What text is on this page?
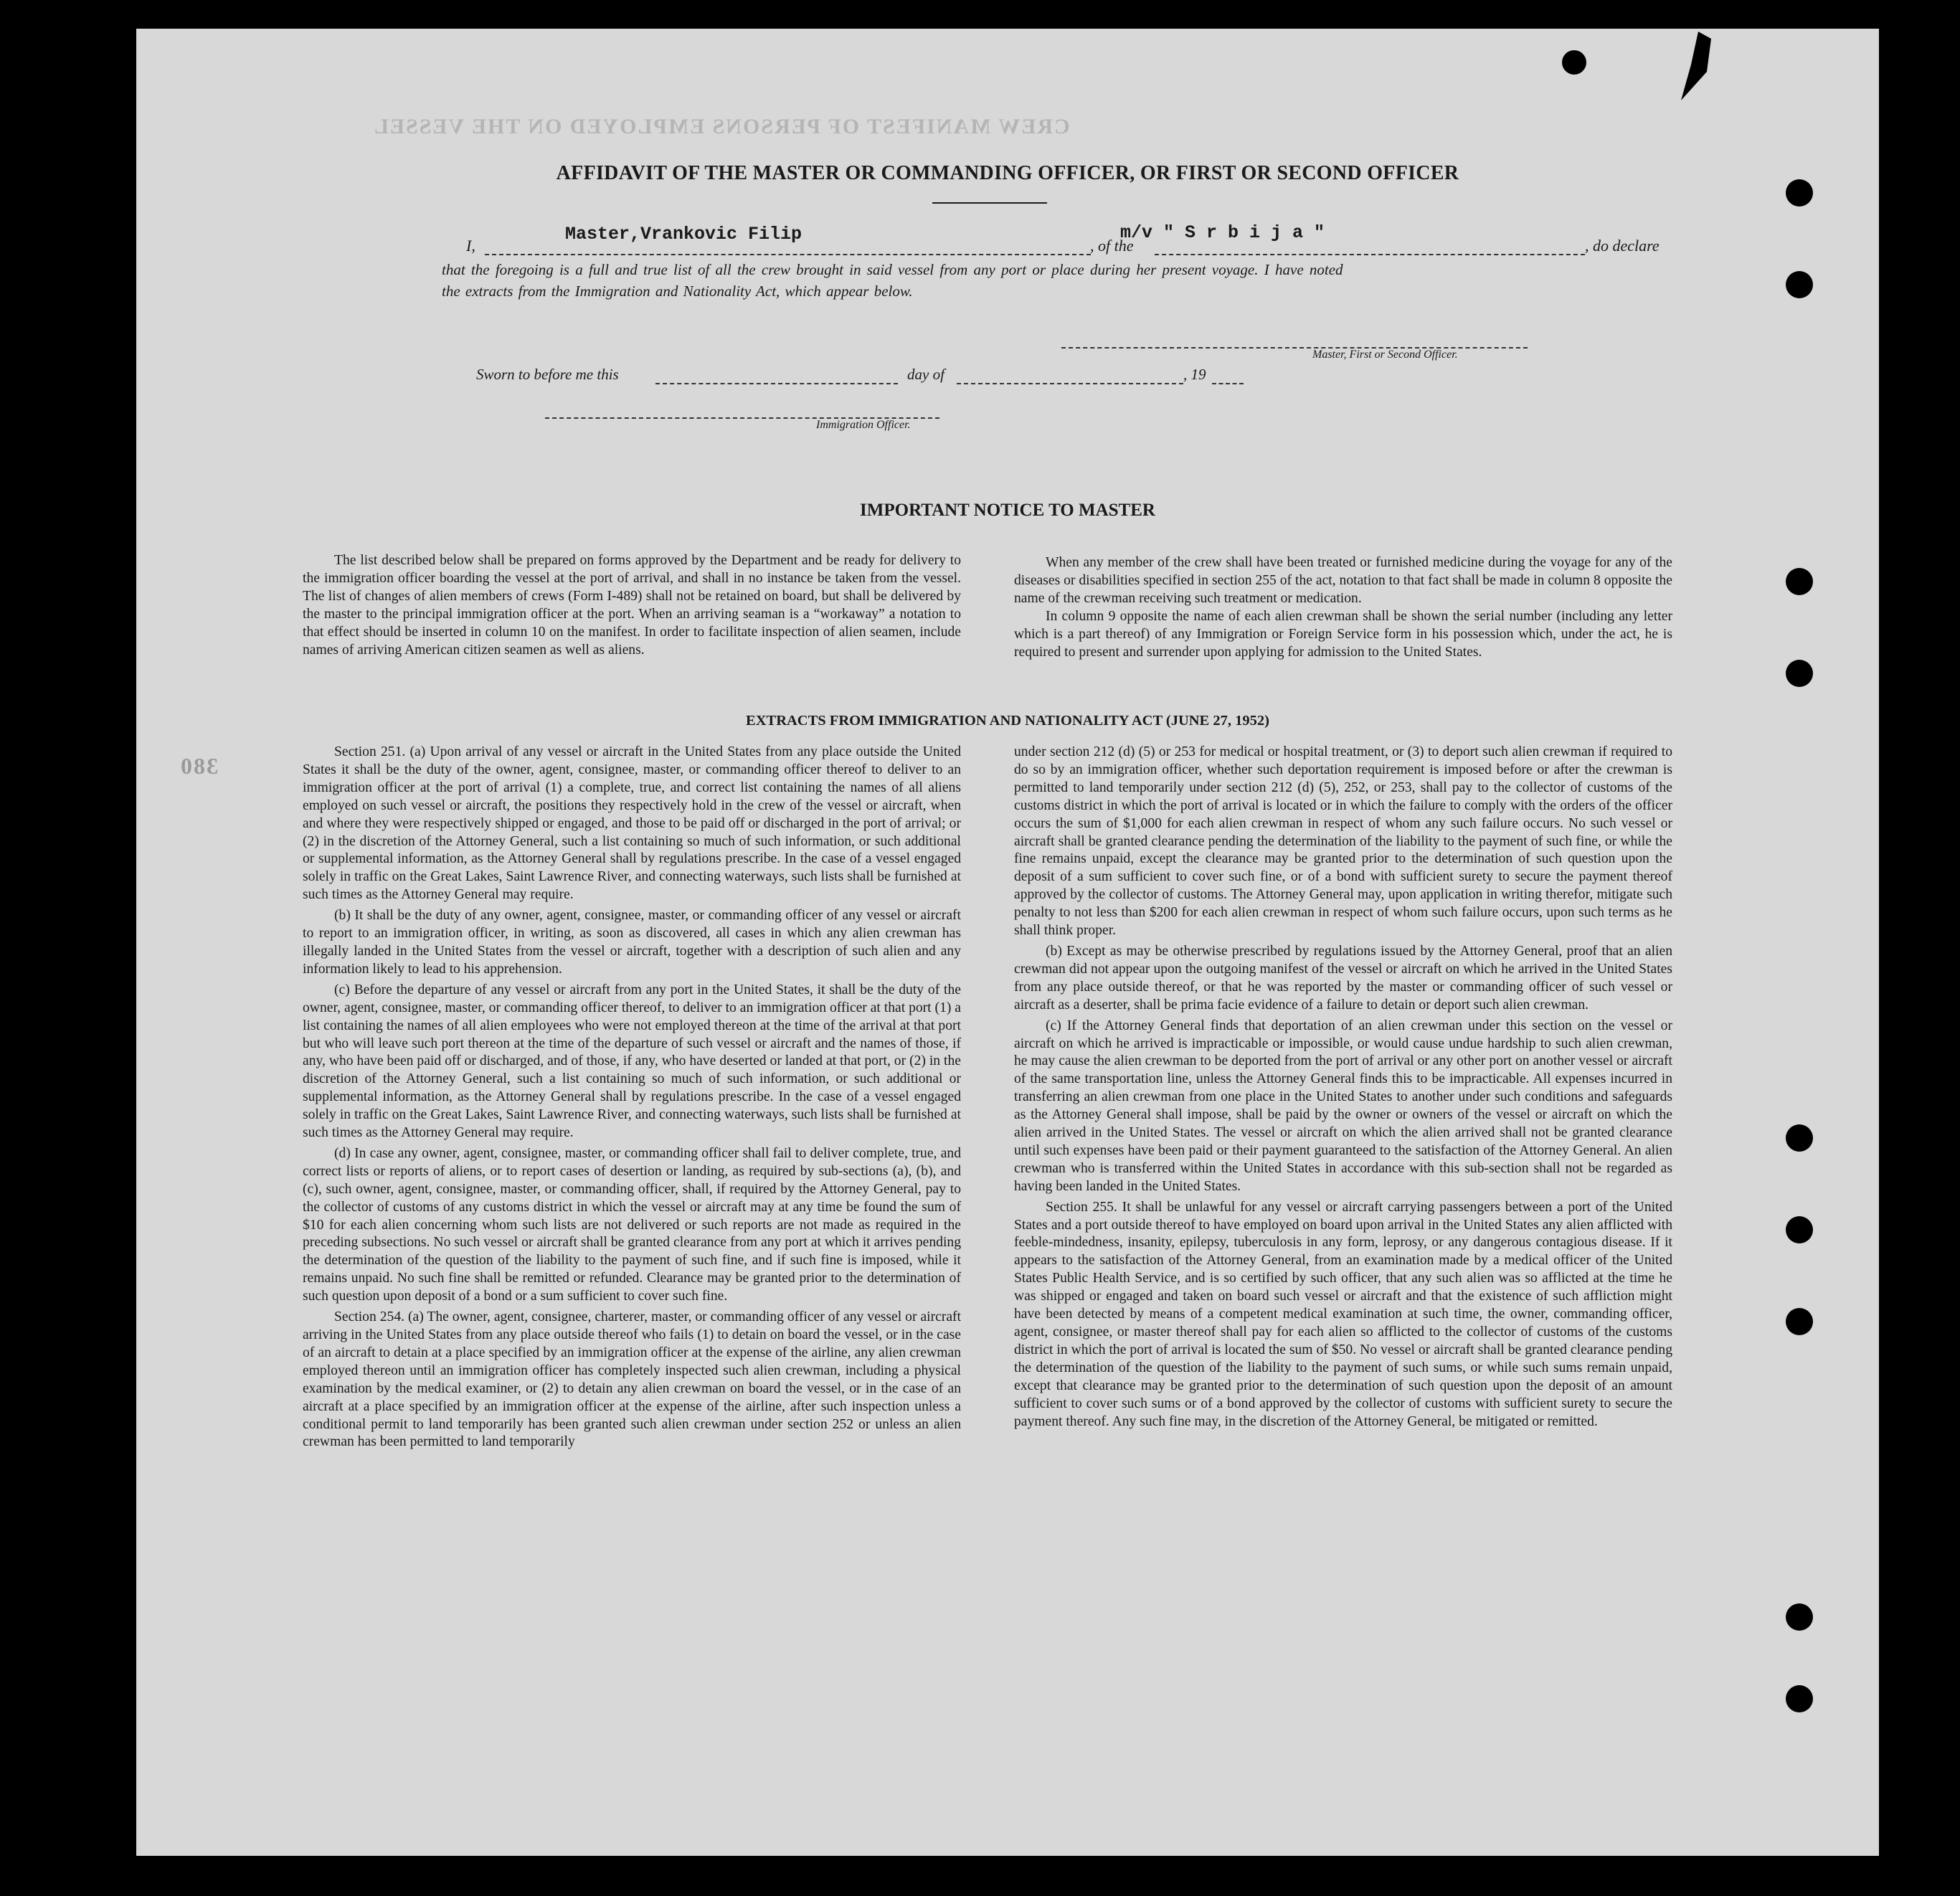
CREW MANIFEST OF PERSONS EMPLOYED ON THE VESSEL
380
AFFIDAVIT OF THE MASTER OR COMMANDING OFFICER, OR FIRST OR SECOND OFFICER
I,
Master,Vrankovic Filip
, of the
m/v " S r b i j a "
, do declare
that the foregoing is a full and true list of all the crew brought in said vessel from any port or place during her present voyage. I have noted
the extracts from the Immigration and Nationality Act, which appear below.
Master, First or Second Officer.
Sworn to before me this	day of	, 19
Immigration Officer.
IMPORTANT NOTICE TO MASTER

The list described below shall be prepared on forms approved by the Department and be ready for delivery to the immigration officer boarding the vessel at the port of arrival, and shall in no instance be taken from the vessel. The list of changes of alien members of crews (Form I-489) shall not be retained on board, but shall be delivered by the master to the principal immigration officer at the port. When an arriving seaman is a “workaway” a notation to that effect should be inserted in column 10 on the manifest. In order to facilitate inspection of alien seamen, include names of arriving American citizen seamen as well as aliens.

When any member of the crew shall have been treated or furnished medicine during the voyage for any of the diseases or disabilities specified in section 255 of the act, notation to that fact shall be made in column 8 opposite the name of the crewman receiving such treatment or medication.

In column 9 opposite the name of each alien crewman shall be shown the serial number (including any letter which is a part thereof) of any Immigration or Foreign Service form in his possession which, under the act, he is required to present and surrender upon applying for admission to the United States.

EXTRACTS FROM IMMIGRATION AND NATIONALITY ACT (JUNE 27, 1952)

Section 251. (a) Upon arrival of any vessel or aircraft in the United States from any place outside the United States it shall be the duty of the owner, agent, consignee, master, or commanding officer thereof to deliver to an immigration officer at the port of arrival (1) a complete, true, and correct list containing the names of all aliens employed on such vessel or aircraft, the positions they respectively hold in the crew of the vessel or aircraft, when and where they were respectively shipped or engaged, and those to be paid off or discharged in the port of arrival; or (2) in the discretion of the Attorney General, such a list containing so much of such information, or such additional or supplemental information, as the Attorney General shall by regulations prescribe. In the case of a vessel engaged solely in traffic on the Great Lakes, Saint Lawrence River, and connecting waterways, such lists shall be furnished at such times as the Attorney General may require.

(b) It shall be the duty of any owner, agent, consignee, master, or commanding officer of any vessel or aircraft to report to an immigration officer, in writing, as soon as discovered, all cases in which any alien crewman has illegally landed in the United States from the vessel or aircraft, together with a description of such alien and any information likely to lead to his apprehension.

(c) Before the departure of any vessel or aircraft from any port in the United States, it shall be the duty of the owner, agent, consignee, master, or commanding officer thereof, to deliver to an immigration officer at that port (1) a list containing the names of all alien employees who were not employed thereon at the time of the arrival at that port but who will leave such port thereon at the time of the departure of such vessel or aircraft and the names of those, if any, who have been paid off or discharged, and of those, if any, who have deserted or landed at that port, or (2) in the discretion of the Attorney General, such a list containing so much of such information, or such additional or supplemental information, as the Attorney General shall by regulations prescribe. In the case of a vessel engaged solely in traffic on the Great Lakes, Saint Lawrence River, and connecting waterways, such lists shall be furnished at such times as the Attorney General may require.

(d) In case any owner, agent, consignee, master, or commanding officer shall fail to deliver complete, true, and correct lists or reports of aliens, or to report cases of desertion or landing, as required by sub-sections (a), (b), and (c), such owner, agent, consignee, master, or commanding officer, shall, if required by the Attorney General, pay to the collector of customs of any customs district in which the vessel or aircraft may at any time be found the sum of $10 for each alien concerning whom such lists are not delivered or such reports are not made as required in the preceding subsections. No such vessel or aircraft shall be granted clearance from any port at which it arrives pending the determination of the question of the liability to the payment of such fine, and if such fine is imposed, while it remains unpaid. No such fine shall be remitted or refunded. Clearance may be granted prior to the determination of such question upon deposit of a bond or a sum sufficient to cover such fine.

Section 254. (a) The owner, agent, consignee, charterer, master, or commanding officer of any vessel or aircraft arriving in the United States from any place outside thereof who fails (1) to detain on board the vessel, or in the case of an aircraft to detain at a place specified by an immigration officer at the expense of the airline, any alien crewman employed thereon until an immigration officer has completely inspected such alien crewman, including a physical examination by the medical examiner, or (2) to detain any alien crewman on board the vessel, or in the case of an aircraft at a place specified by an immigration officer at the expense of the airline, after such inspection unless a conditional permit to land temporarily has been granted such alien crewman under section 252 or unless an alien crewman has been permitted to land temporarily

under section 212 (d) (5) or 253 for medical or hospital treatment, or (3) to deport such alien crewman if required to do so by an immigration officer, whether such deportation requirement is imposed before or after the crewman is permitted to land temporarily under section 212 (d) (5), 252, or 253, shall pay to the collector of customs of the customs district in which the port of arrival is located or in which the failure to comply with the orders of the officer occurs the sum of $1,000 for each alien crewman in respect of whom any such failure occurs. No such vessel or aircraft shall be granted clearance pending the determination of the liability to the payment of such fine, or while the fine remains unpaid, except the clearance may be granted prior to the determination of such question upon the deposit of a sum sufficient to cover such fine, or of a bond with sufficient surety to secure the payment thereof approved by the collector of customs. The Attorney General may, upon application in writing therefor, mitigate such penalty to not less than $200 for each alien crewman in respect of whom such failure occurs, upon such terms as he shall think proper.

(b) Except as may be otherwise prescribed by regulations issued by the Attorney General, proof that an alien crewman did not appear upon the outgoing manifest of the vessel or aircraft on which he arrived in the United States from any place outside thereof, or that he was reported by the master or commanding officer of such vessel or aircraft as a deserter, shall be prima facie evidence of a failure to detain or deport such alien crewman.

(c) If the Attorney General finds that deportation of an alien crewman under this section on the vessel or aircraft on which he arrived is impracticable or impossible, or would cause undue hardship to such alien crewman, he may cause the alien crewman to be deported from the port of arrival or any other port on another vessel or aircraft of the same transportation line, unless the Attorney General finds this to be impracticable. All expenses incurred in transferring an alien crewman from one place in the United States to another under such conditions and safeguards as the Attorney General shall impose, shall be paid by the owner or owners of the vessel or aircraft on which the alien arrived in the United States. The vessel or aircraft on which the alien arrived shall not be granted clearance until such expenses have been paid or their payment guaranteed to the satisfaction of the Attorney General. An alien crewman who is transferred within the United States in accordance with this sub-section shall not be regarded as having been landed in the United States.

Section 255. It shall be unlawful for any vessel or aircraft carrying passengers between a port of the United States and a port outside thereof to have employed on board upon arrival in the United States any alien afflicted with feeble-mindedness, insanity, epilepsy, tuberculosis in any form, leprosy, or any dangerous contagious disease. If it appears to the satisfaction of the Attorney General, from an examination made by a medical officer of the United States Public Health Service, and is so certified by such officer, that any such alien was so afflicted at the time he was shipped or engaged and taken on board such vessel or aircraft and that the existence of such affliction might have been detected by means of a competent medical examination at such time, the owner, commanding officer, agent, consignee, or master thereof shall pay for each alien so afflicted to the collector of customs of the customs district in which the port of arrival is located the sum of $50. No vessel or aircraft shall be granted clearance pending the determination of the question of the liability to the payment of such sums, or while such sums remain unpaid, except that clearance may be granted prior to the determination of such question upon the deposit of an amount sufficient to cover such sums or of a bond approved by the collector of customs with sufficient surety to secure the payment thereof. Any such fine may, in the discretion of the Attorney General, be mitigated or remitted.
